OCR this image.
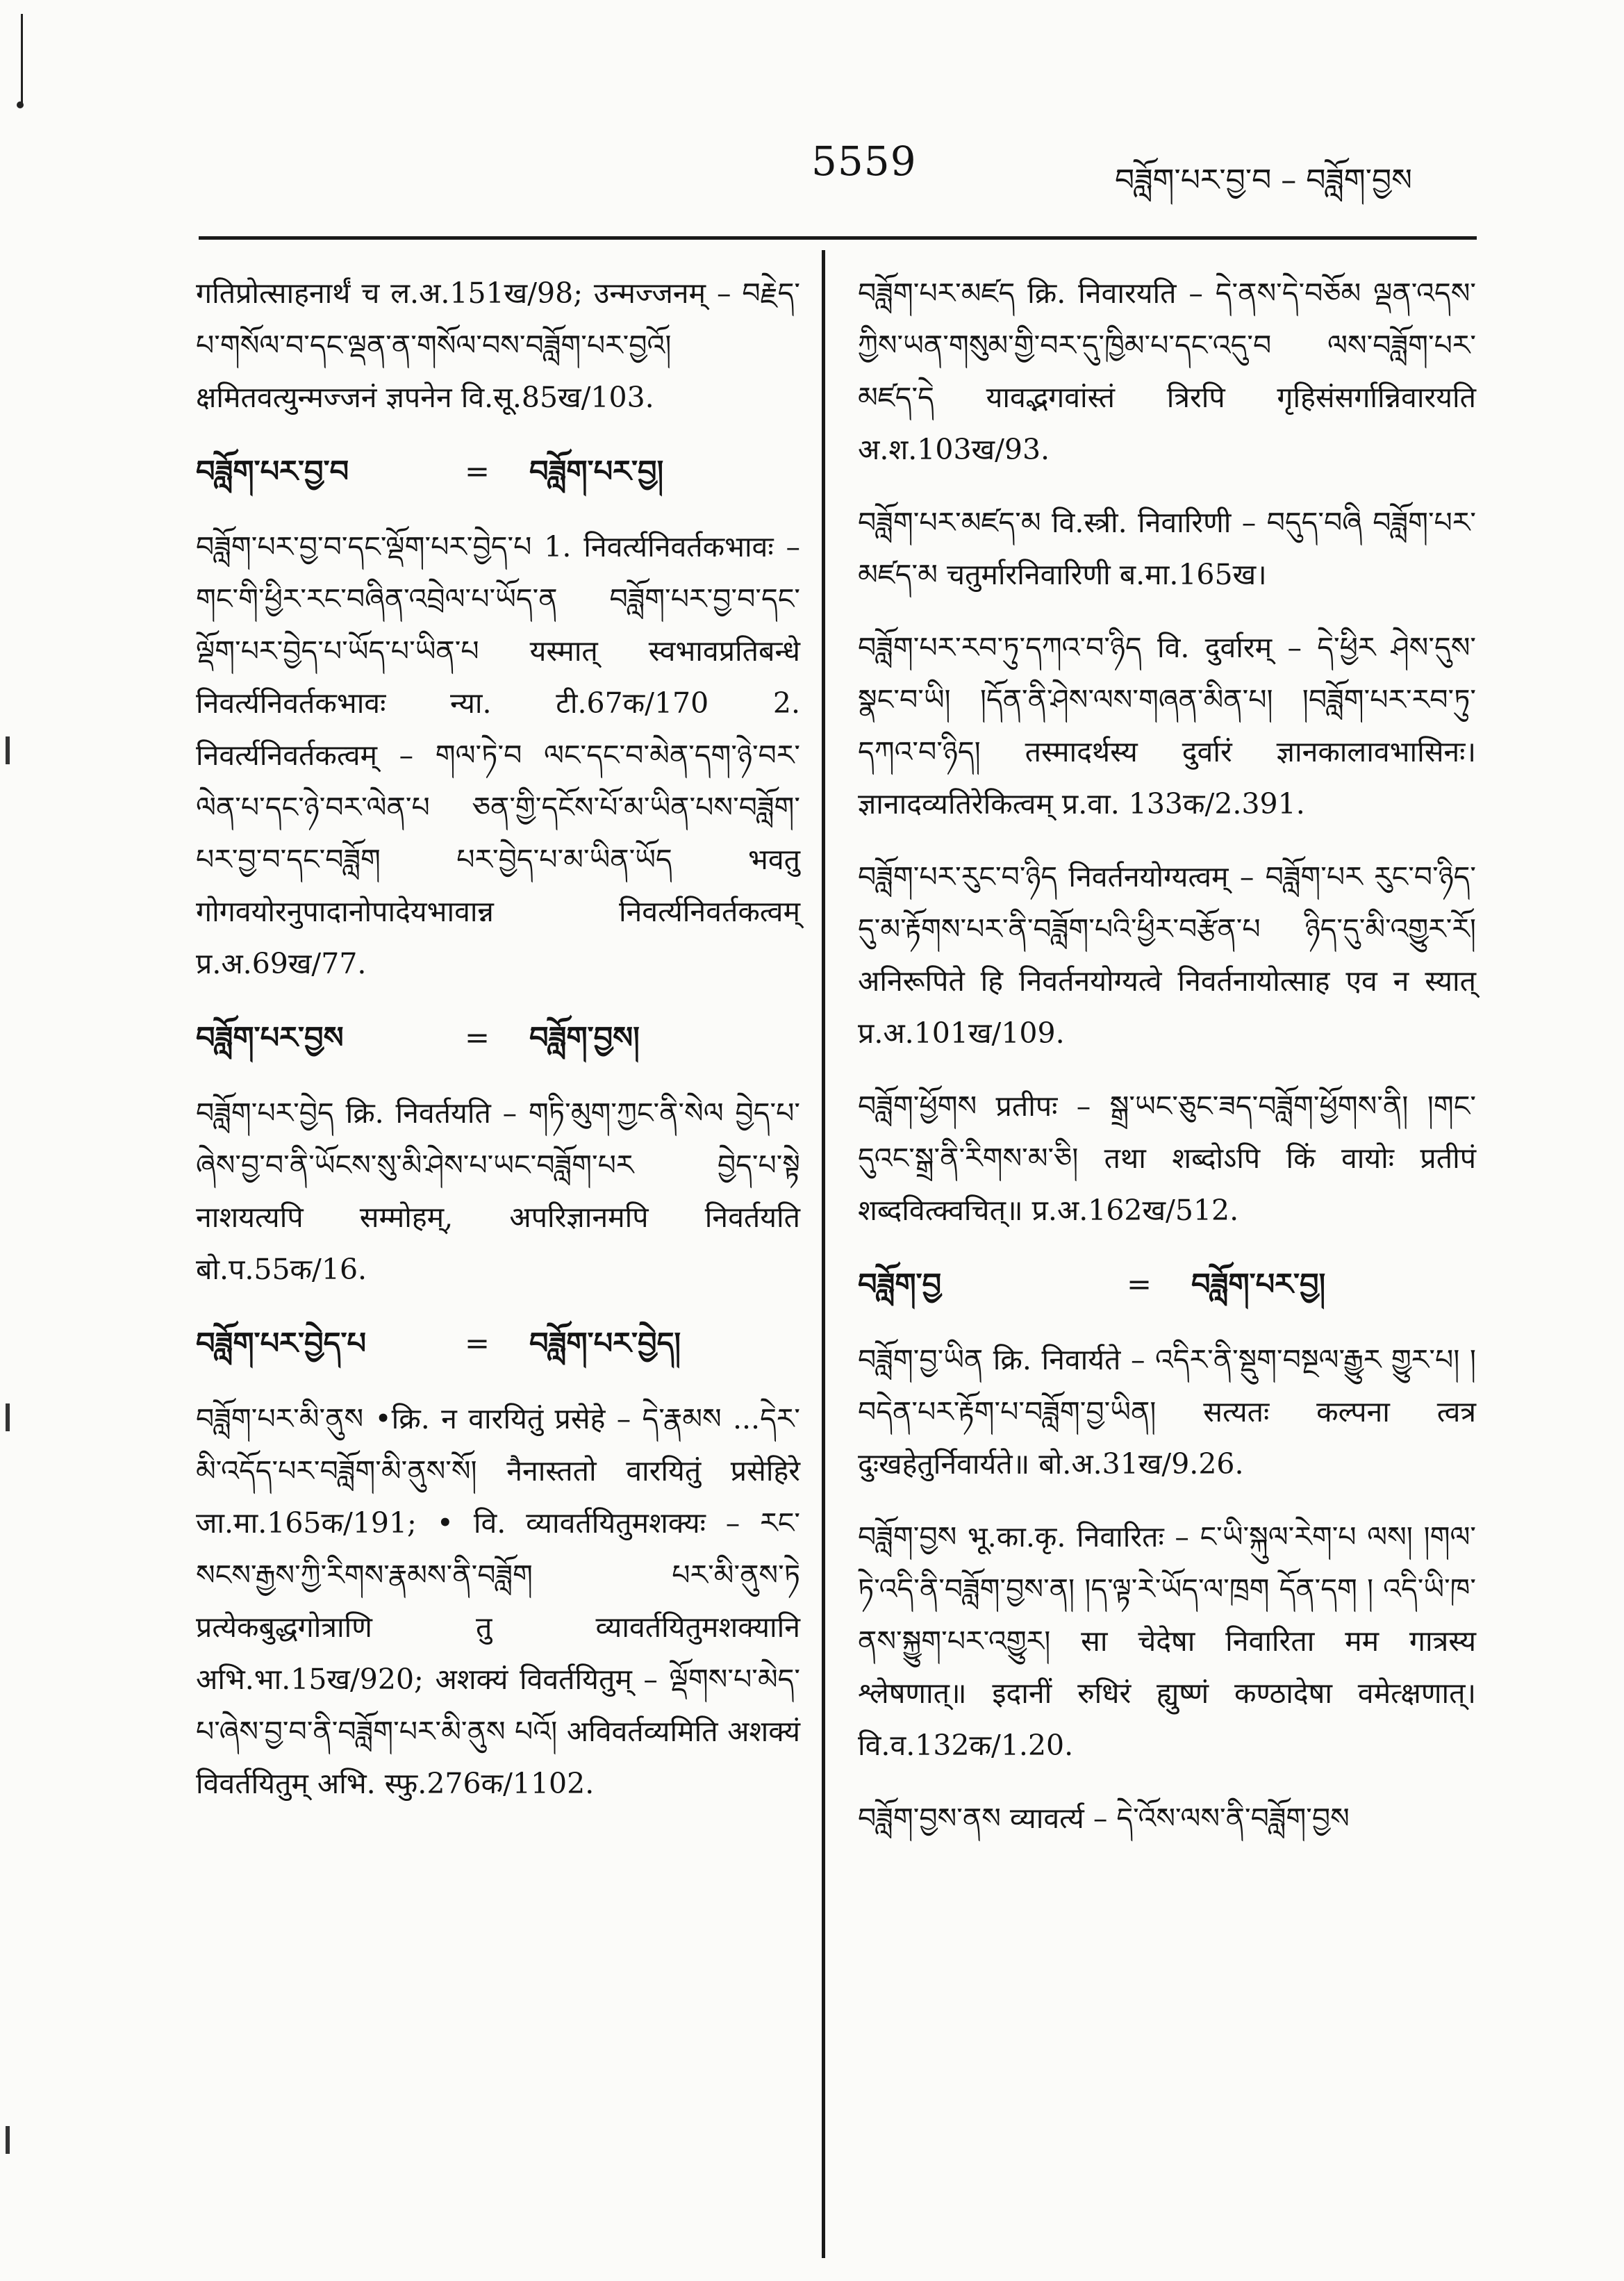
5559	བཟློག་པར་བྱ་བ – བཟློག་བྱས

गतिप्रोत्साहनार्थं च ल.अ.151ख/98; उन्मज्जनम् – བརྗེད་པ་གསོལ་བ་དང་ལྡན་ན་གསོལ་བས་བཟློག་པར་བྱའོ། क्षमितवत्युन्मज्जनं ज्ञपनेन वि.सू.85ख/103.

བཟློག་པར་བྱ་བ	=	བཟློག་པར་བྱ།

བཟློག་པར་བྱ་བ་དང་ལྡོག་པར་བྱེད་པ 1. निवर्त्यनिवर्तकभावः – གང་གི་ཕྱིར་རང་བཞིན་འབྲེལ་པ་ཡོད་ན བཟློག་པར་བྱ་བ་དང་ལྡོག་པར་བྱེད་པ་ཡོད་པ་ཡིན་པ यस्मात् स्वभावप्रतिबन्धे निवर्त्यनिवर्तकभावः न्या. टी.67क/170 2. निवर्त्यनिवर्तकत्वम् – གལ་ཏེ་བ ལང་དང་བ་མེན་དག་ཉེ་བར་ལེན་པ་དང་ཉེ་བར་ལེན་པ ཅན་གྱི་དངོས་པོ་མ་ཡིན་པས་བཟློག་པར་བྱ་བ་དང་བཟློག པར་བྱེད་པ་མ་ཡིན་ཡོད भवतु गोगवयोरनुपादानोपादेयभावान्न निवर्त्यनिवर्तकत्वम् प्र.अ.69ख/77.

བཟློག་པར་བྱས	=	བཟློག་བྱས།

བཟློག་པར་བྱེད क्रि. निवर्तयति – གཏི་མུག་ཀྱང་ནི་སེལ བྱེད་པ་ཞེས་བྱ་བ་ནི་ཡོངས་སུ་མི་ཤེས་པ་ཡང་བཟློག་པར བྱེད་པ་སྟེ नाशयत्यपि सम्मोहम्, अपरिज्ञानमपि निवर्तयति बो.प.55क/16.

བཟློག་པར་བྱེད་པ	=	བཟློག་པར་བྱེད།

བཟློག་པར་མི་ནུས •क्रि. न वारयितुं प्रसेहे – དེ་རྣམས ...དེར་མི་འདོད་པར་བཟློག་མི་ནུས་སོ། नैनास्ततो वारयितुं प्रसेहिरे जा.मा.165क/191; • वि. व्यावर्तयितुमशक्यः – རང་སངས་རྒྱས་ཀྱི་རིགས་རྣམས་ནི་བཟློག པར་མི་ནུས་ཏེ प्रत्येकबुद्धगोत्राणि तु व्यावर्तयितुमशक्यानि अभि.भा.15ख/920; अशक्यं विवर्तयितुम् – ལྡོགས་པ་མེད་པ་ཞེས་བྱ་བ་ནི་བཟློག་པར་མི་ནུས པའོ། अविवर्तव्यमिति अशक्यं विवर्तयितुम् अभि. स्फु.276क/1102.

བཟློག་པར་མཛད क्रि. निवारयति – དེ་ནས་དེ་བཅོམ ལྡན་འདས་ཀྱིས་ཡན་གསུམ་གྱི་བར་དུ་ཁྱིམ་པ་དང་འདུ་བ ལས་བཟློག་པར་མཛད་དེ यावद्भगवांस्तं त्रिरपि गृहिसंसर्गान्निवारयति अ.श.103ख/93.

བཟློག་པར་མཛད་མ वि.स्त्री. निवारिणी – བདུད་བཞི བཟློག་པར་མཛད་མ चतुर्मारनिवारिणी ब.मा.165ख।

བཟློག་པར་རབ་ཏུ་དཀའ་བ་ཉིད वि. दुर्वारम् – དེ་ཕྱིར ཤེས་དུས་སྣང་བ་ཡི། །དོན་ནི་ཤེས་ལས་གཞན་མིན་པ། །བཟློག་པར་རབ་ཏུ་དཀའ་བ་ཉིད། तस्मादर्थस्य दुर्वारं ज्ञानकालावभासिनः। ज्ञानादव्यतिरेकित्वम् प्र.वा. 133क/2.391.

བཟློག་པར་རུང་བ་ཉིད निवर्तनयोग्यत्वम् – བཟློག་པར རུང་བ་ཉིད་དུ་མ་རྟོགས་པར་ནི་བཟློག་པའི་ཕྱིར་བརྩོན་པ ཉིད་དུ་མི་འགྱུར་རོ། अनिरूपिते हि निवर्तनयोग्यत्वे निवर्तनायोत्साह एव न स्यात् प्र.अ.101ख/109.

བཟློག་ཕྱོགས प्रतीपः – སྒྲ་ཡང་ཅུང་ཟད་བཟློག་ཕྱོགས་ནི། །གང་དུའང་སྒྲ་ནི་རིགས་མ་ཅི། तथा शब्दोऽपि किं वायोः प्रतीपं शब्दवित्क्वचित्॥ प्र.अ.162ख/512.

བཟློག་བྱ	=	བཟློག་པར་བྱ།

བཟློག་བྱ་ཡིན क्रि. निवार्यते – འདིར་ནི་སྡུག་བསྔལ་རྒྱུར གྱུར་པ། །བདེན་པར་རྟོག་པ་བཟློག་བྱ་ཡིན། सत्यतः कल्पना त्वत्र दुःखहेतुर्निवार्यते॥ बो.अ.31ख/9.26.

བཟློག་བྱས भू.का.कृ. निवारितः – ང་ཡི་སྐུལ་རེག་པ ལས། །གལ་ཏེ་འདི་ནི་བཟློག་བྱས་ན། །ད་ལྟ་རེ་ཡོད་ལ་ཁྲག དོན་དག ། འདི་ཡི་ཁ་ནས་སྐྱུག་པར་འགྱུར། सा चेदेषा निवारिता मम गात्रस्य श्लेषणात्॥ इदानीं रुधिरं ह्युष्णं कण्ठादेषा वमेत्क्षणात्। वि.व.132क/1.20.

བཟློག་བྱས་ནས व्यावर्त्य – དེ་འོས་ལས་ནི་བཟློག་བྱས
